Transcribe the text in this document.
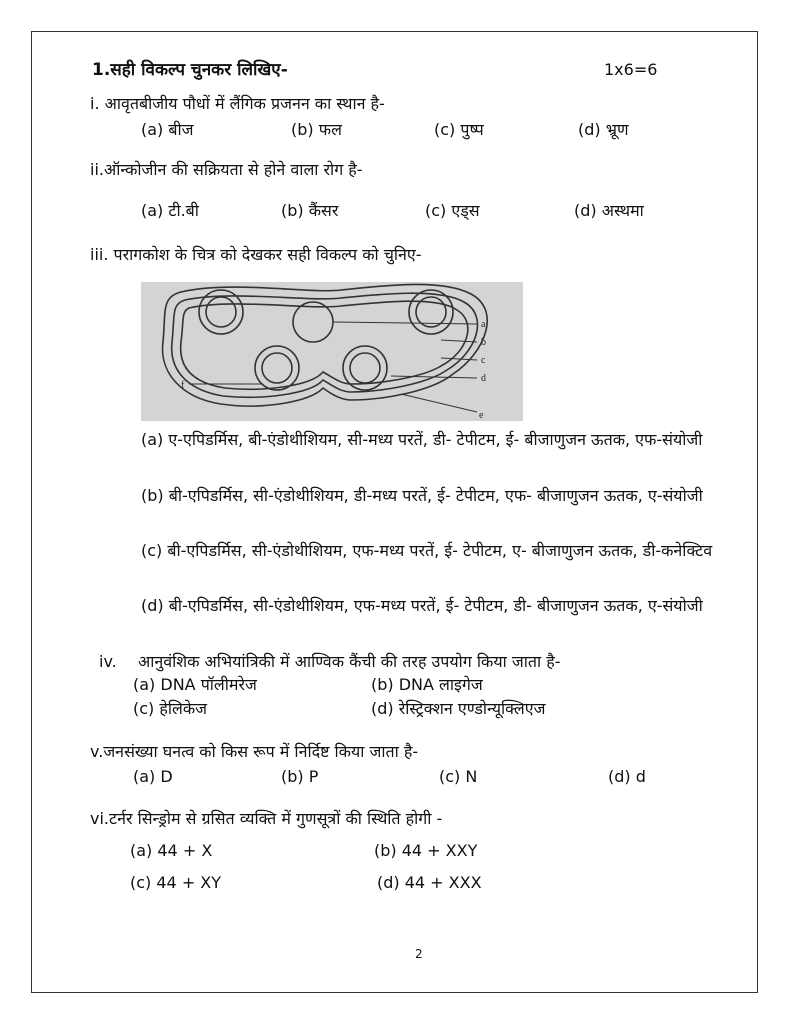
1.सही विकल्प चुनकर लिखिए-	1x6=6
i. आवृतबीजीय पौधों में लैंगिक प्रजनन का स्थान है-
(a) बीज	(b) फल	(c) पुष्प	(d) भ्रूण
ii.ऑन्कोजीन की सक्रियता से होने वाला रोग है-
(a) टी.बी	(b) कैंसर	(c) एड्स	(d) अस्थमा
iii. परागकोश के चित्र को देखकर सही विकल्प को चुनिए-
a
b
c
d
e
f
(a) ए-एपिडर्मिस, बी-एंडोथीशियम, सी-मध्य परतें, डी- टेपीटम, ई- बीजाणुजन ऊतक, एफ-संयोजी
(b) बी-एपिडर्मिस, सी-एंडोथीशियम, डी-मध्य परतें, ई- टेपीटम, एफ- बीजाणुजन ऊतक, ए-संयोजी
(c) बी-एपिडर्मिस, सी-एंडोथीशियम, एफ-मध्य परतें, ई- टेपीटम, ए- बीजाणुजन ऊतक, डी-कनेक्टिव
(d) बी-एपिडर्मिस, सी-एंडोथीशियम, एफ-मध्य परतें, ई- टेपीटम, डी- बीजाणुजन ऊतक, ए-संयोजी
iv. आनुवंशिक अभियांत्रिकी में आण्विक कैंची की तरह उपयोग किया जाता है-
(a) DNA पॉलीमरेज	(b) DNA लाइगेज
(c) हेलिकेज	(d) रेस्ट्रिक्शन एण्डोन्यूक्लिएज
v.जनसंख्या घनत्व को किस रूप में निर्दिष्ट किया जाता है-
(a) D	(b) P	(c) N	(d) d
vi.टर्नर सिन्ड्रोम से ग्रसित व्यक्ति में गुणसूत्रों की स्थिति होगी -
(a) 44 + X	(b) 44 + XXY
(c) 44 + XY	(d) 44 + XXX
2
